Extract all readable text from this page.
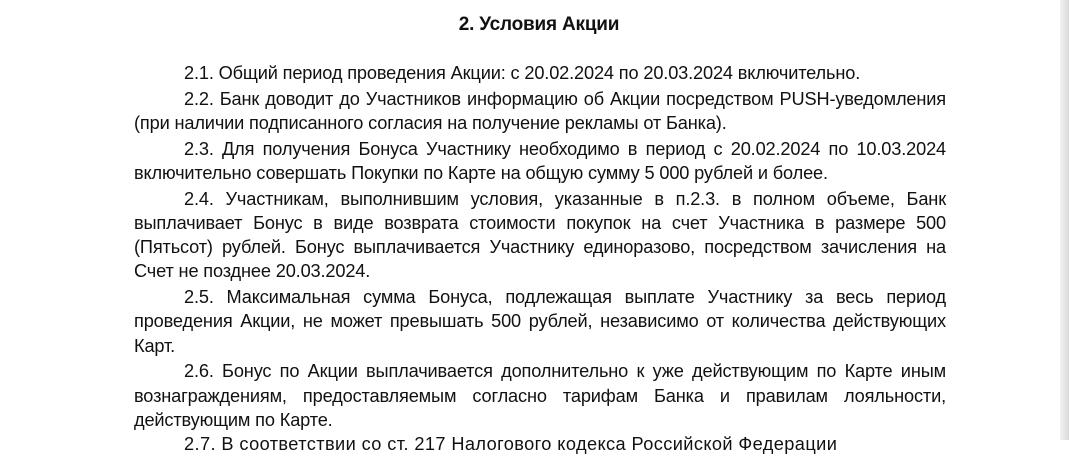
2. Условия Акции

2.1. Общий период проведения Акции: с 20.02.2024 по 20.03.2024 включительно.

2.2. Банк доводит до Участников информацию об Акции посредством PUSH-уведомления (при наличии подписанного согласия на получение рекламы от Банка).

2.3. Для получения Бонуса Участнику необходимо в период с 20.02.2024 по 10.03.2024 включительно совершать Покупки по Карте на общую сумму 5 000 рублей и более.

2.4. Участникам, выполнившим условия, указанные в п.2.3. в полном объеме, Банк выплачивает Бонус в виде возврата стоимости покупок на счет Участника в размере 500 (Пятьсот) рублей. Бонус выплачивается Участнику единоразово, посредством зачисления на Счет не позднее 20.03.2024.

2.5. Максимальная сумма Бонуса, подлежащая выплате Участнику за весь период проведения Акции, не может превышать 500 рублей, независимо от количества действующих Карт.

2.6. Бонус по Акции выплачивается дополнительно к уже действующим по Карте иным вознаграждениям, предоставляемым согласно тарифам Банка и правилам лояльности, действующим по Карте.

2.7. В соответствии со ст. 217 Налогового кодекса Российской Федерации
